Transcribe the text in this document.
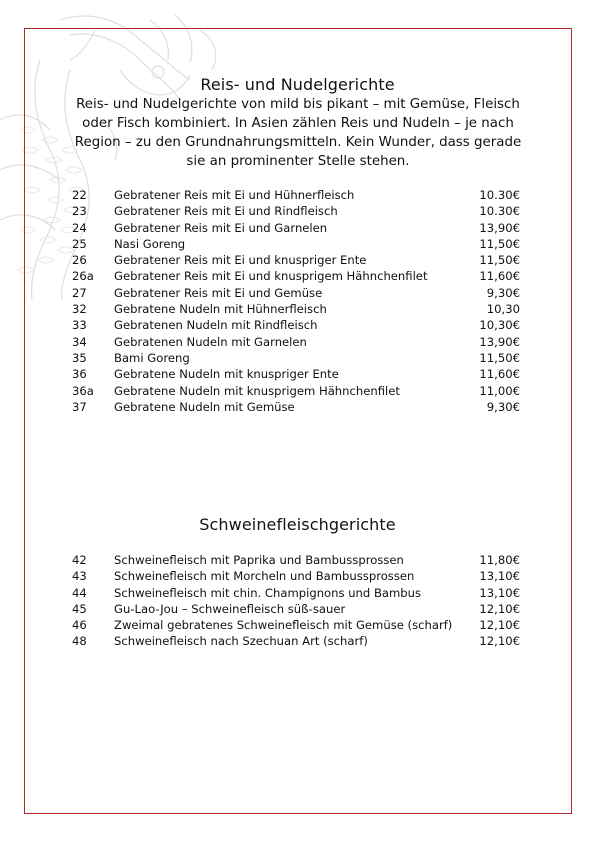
Reis- und Nudelgerichte
Reis- und Nudelgerichte von mild bis pikant – mit Gemüse, Fleisch oder Fisch kombiniert. In Asien zählen Reis und Nudeln – je nach Region – zu den Grundnahrungsmitteln. Kein Wunder, dass gerade sie an prominenter Stelle stehen.
22 Gebratener Reis mit Ei und Hühnerfleisch	10.30€
23 Gebratener Reis mit Ei und Rindfleisch	10.30€
24 Gebratener Reis mit Ei und Garnelen	13,90€
25 Nasi Goreng	11,50€
26 Gebratener Reis mit Ei und knuspriger Ente	11,50€
26a Gebratener Reis mit Ei und knusprigem Hähnchenfilet	11,60€
27 Gebratener Reis mit Ei und Gemüse	9,30€
32 Gebratene Nudeln mit Hühnerfleisch	10,30
33 Gebratenen Nudeln mit Rindfleisch	10,30€
34 Gebratenen Nudeln mit Garnelen	13,90€
35 Bami Goreng	11,50€
36 Gebratene Nudeln mit knuspriger Ente	11,60€
36a Gebratene Nudeln mit knusprigem Hähnchenfilet	11,00€
37 Gebratene Nudeln mit Gemüse	9,30€
Schweinefleischgerichte
42 Schweinefleisch mit Paprika und Bambussprossen	11,80€
43 Schweinefleisch mit Morcheln und Bambussprossen	13,10€
44 Schweinefleisch mit chin. Champignons und Bambus	13,10€
45 Gu-Lao-Jou – Schweinefleisch süß-sauer	12,10€
46 Zweimal gebratenes Schweinefleisch mit Gemüse (scharf) 12,10€
48 Schweinefleisch nach Szechuan Art (scharf)	12,10€
